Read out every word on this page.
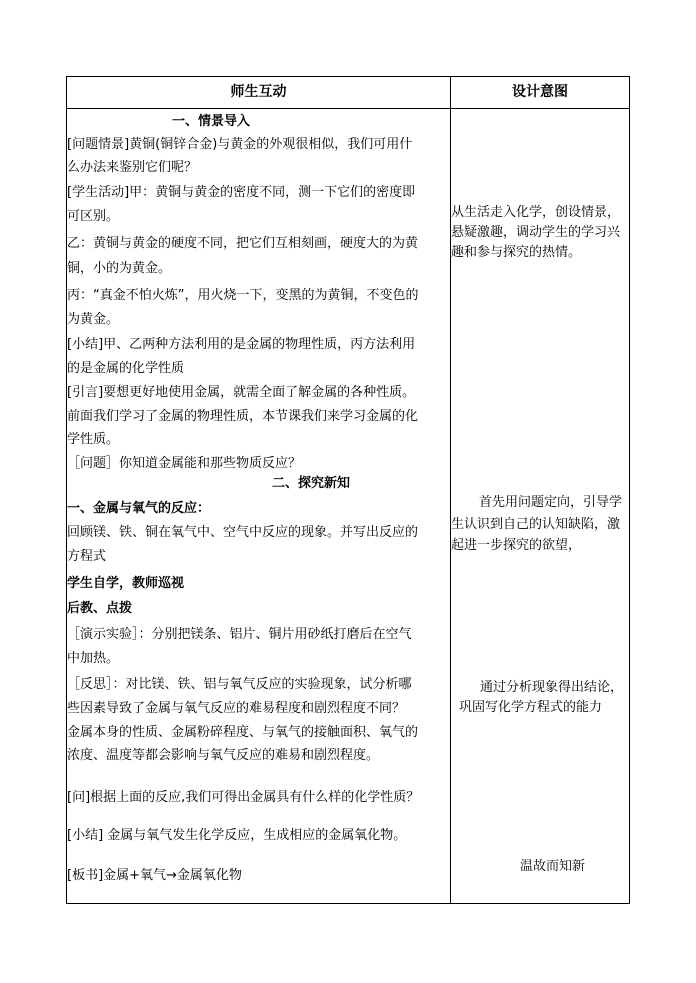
师生互动	设计意图
一、情景导入
[问题情景]黄铜(铜锌合金)与黄金的外观很相似，我们可用什
么办法来鉴别它们呢？
[学生活动]甲：黄铜与黄金的密度不同，测一下它们的密度即
可区别。
乙：黄铜与黄金的硬度不同，把它们互相刻画，硬度大的为黄
铜，小的为黄金。
丙：“真金不怕火炼”，用火烧一下，变黑的为黄铜，不变色的
为黄金。
[小结]甲、乙两种方法利用的是金属的物理性质，丙方法利用
的是金属的化学性质
[引言]要想更好地使用金属，就需全面了解金属的各种性质。
前面我们学习了金属的物理性质，本节课我们来学习金属的化
学性质。
［问题］你知道金属能和那些物质反应？
二、探究新知
一、金属与氧气的反应：
回顾镁、铁、铜在氧气中、空气中反应的现象。并写出反应的
方程式
学生自学，教师巡视
后教、点拨
［演示实验］：分别把镁条、铝片、铜片用砂纸打磨后在空气
中加热。
［反思］：对比镁、铁、铝与氧气反应的实验现象，试分析哪
些因素导致了金属与氧气反应的难易程度和剧烈程度不同？
金属本身的性质、金属粉碎程度、与氧气的接触面积、氧气的
浓度、温度等都会影响与氧气反应的难易和剧烈程度。
[问]根据上面的反应,我们可得出金属具有什么样的化学性质？
[小结] 金属与氧气发生化学反应，生成相应的金属氧化物。
[板书]金属+氧气→金属氧化物
从生活走入化学，创设情景，
悬疑激趣，调动学生的学习兴
趣和参与探究的热情。
首先用问题定向，引导学
生认识到自己的认知缺陷，激
起进一步探究的欲望，
通过分析现象得出结论，
巩固写化学方程式的能力
温故而知新
